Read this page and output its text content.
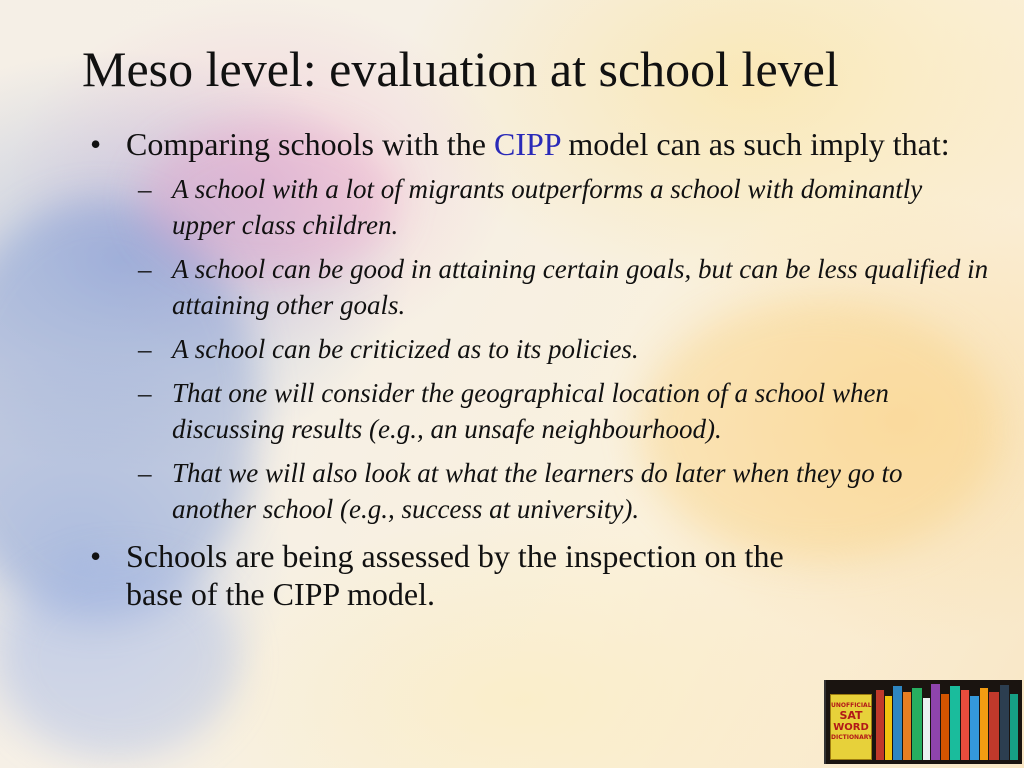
Meso level: evaluation at school level
• Comparing schools with the CIPP model can as such imply that:
– A school with a lot of migrants outperforms a school with dominantly upper class children.
– A school can be good in attaining certain goals, but can be less qualified in attaining other goals.
– A school can be criticized as to its policies.
– That one will consider the geographical location of a school when discussing results (e.g., an unsafe neighbourhood).
– That we will also look at what the learners do later when they go to another school (e.g., success at university).
• Schools are being assessed by the inspection on the base of the CIPP model.
UNOFFICIAL
SAT
WORD
DICTIONARY
